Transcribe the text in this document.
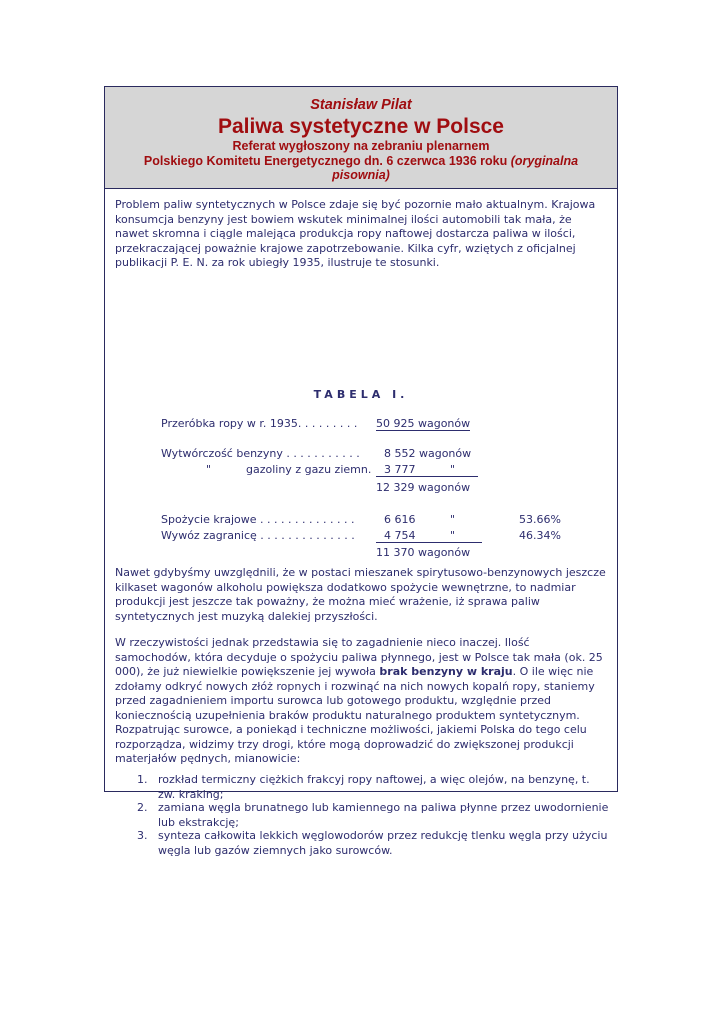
Stanisław Pilat
Paliwa systetyczne w Polsce
Referat wygłoszony na zebraniu plenarnem
Polskiego Komitetu Energetycznego dn. 6 czerwca 1936 roku (oryginalna pisownia)

Problem paliw syntetycznych w Polsce zdaje się być pozornie mało aktualnym. Krajowa konsumcja benzyny jest bowiem wskutek minimalnej ilości automobili tak mała, że nawet skromna i ciągle malejąca produkcja ropy naftowej dostarcza paliwa w ilości, przekraczającej poważnie krajowe zapotrzebowanie. Kilka cyfr, wziętych z oficjalnej publikacji P. E. N. za rok ubiegły 1935, ilustruje te stosunki.

TABELA I.
Przeróbka ropy w r. 1935. . . . . . . . . 50 925 wagonów
Wytwórczość benzyny . . . . . . . . . . . 8 552 wagonów
"	gazoliny z gazu ziemn. 3 777	"
12 329 wagonów
Spożycie krajowe . . . . . . . . . . . . . .	6 616	"	53.66%
Wywóz zagranicę . . . . . . . . . . . . . .	4 754	"	46.34%
11 370 wagonów

Nawet gdybyśmy uwzględnili, że w postaci mieszanek spirytusowo-benzynowych jeszcze kilkaset wagonów alkoholu powiększa dodatkowo spożycie wewnętrzne, to nadmiar produkcji jest jeszcze tak poważny, że można mieć wrażenie, iż sprawa paliw syntetycznych jest muzyką dalekiej przyszłości.

W rzeczywistości jednak przedstawia się to zagadnienie nieco inaczej. Ilość samochodów, która decyduje o spożyciu paliwa płynnego, jest w Polsce tak mała (ok. 25 000), że już niewielkie powiększenie jej wywoła brak benzyny w kraju. O ile więc nie zdołamy odkryć nowych złóż ropnych i rozwinąć na nich nowych kopalń ropy, staniemy przed zagadnieniem importu surowca lub gotowego produktu, względnie przed koniecznością uzupełnienia braków produktu naturalnego produktem syntetycznym. Rozpatrując surowce, a poniekąd i techniczne możliwości, jakiemi Polska do tego celu rozporządza, widzimy trzy drogi, które mogą doprowadzić do zwiększonej produkcji materjałów pędnych, mianowicie:

1. rozkład termiczny ciężkich frakcyj ropy naftowej, a więc olejów, na benzynę, t. zw. kraking;
2. zamiana węgla brunatnego lub kamiennego na paliwa płynne przez uwodornienie lub ekstrakcję;
3. synteza całkowita lekkich węglowodorów przez redukcję tlenku węgla przy użyciu węgla lub gazów ziemnych jako surowców.
